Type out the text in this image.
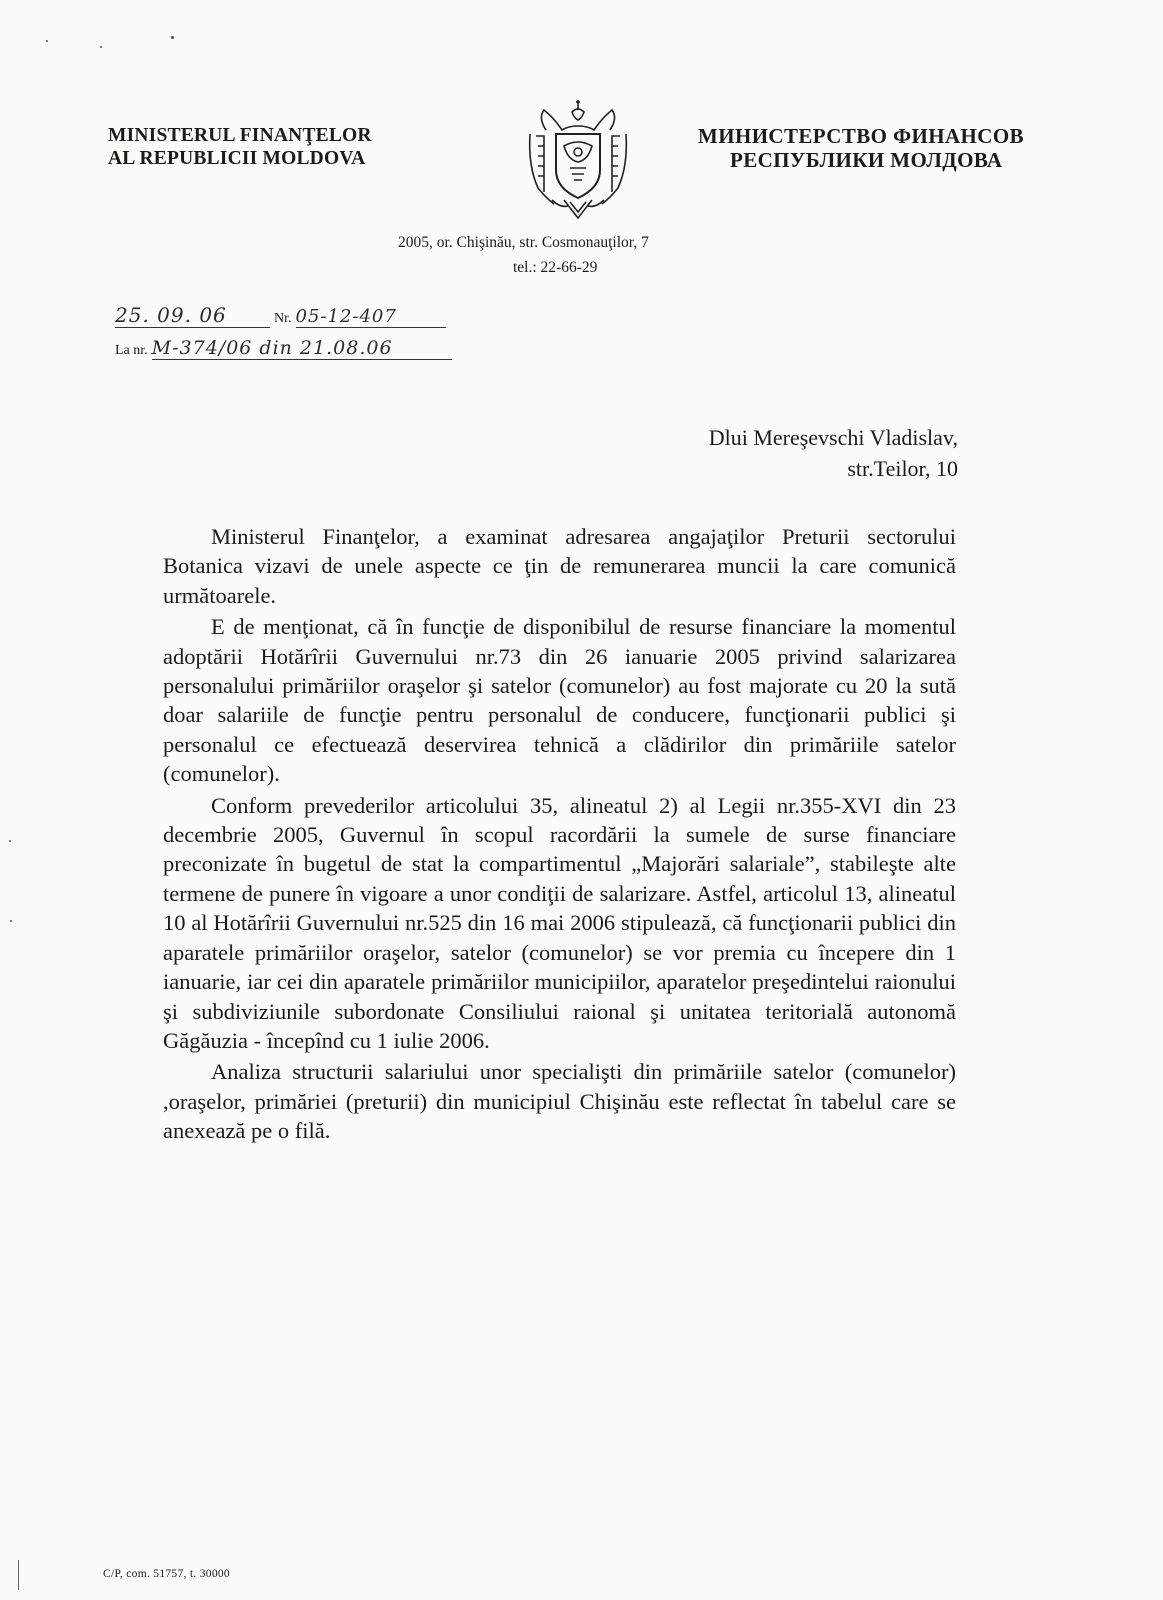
MINISTERUL FINANŢELOR
AL REPUBLICII MOLDOVA
МИНИСТЕРСТВО ФИНАНСОВ
РЕСПУБЛИКИ МОЛДОВА
2005, or. Chişinău, str. Cosmonauţilor, 7
tel.: 22-66-29
25. 09. 06	Nr. 05-12-407
La nr. М-374/06 din 21.08.06
Dlui Mereşevschi Vladislav,
str.Teilor, 10

Ministerul Finanţelor, a examinat adresarea angajaţilor Preturii sectorului Botanica vizavi de unele aspecte ce ţin de remunerarea muncii la care comunică următoarele.

E de menţionat, că în funcţie de disponibilul de resurse financiare la momentul adoptării Hotărîrii Guvernului nr.73 din 26 ianuarie 2005 privind salarizarea personalului primăriilor oraşelor şi satelor (comunelor) au fost majorate cu 20 la sută doar salariile de funcţie pentru personalul de conducere, funcţionarii publici şi personalul ce efectuează deservirea tehnică a clădirilor din primăriile satelor (comunelor).

Conform prevederilor articolului 35, alineatul 2) al Legii nr.355-XVI din 23 decembrie 2005, Guvernul în scopul racordării la sumele de surse financiare preconizate în bugetul de stat la compartimentul „Majorări salariale”, stabileşte alte termene de punere în vigoare a unor condiţii de salarizare. Astfel, articolul 13, alineatul 10 al Hotărîrii Guvernului nr.525 din 16 mai 2006 stipulează, că funcţionarii publici din aparatele primăriilor oraşelor, satelor (comunelor) se vor premia cu începere din 1 ianuarie, iar cei din aparatele primăriilor municipiilor, aparatelor preşedintelui raionului şi subdiviziunile subordonate Consiliului raional şi unitatea teritorială autonomă Găgăuzia - începînd cu 1 iulie 2006.

Analiza structurii salariului unor specialişti din primăriile satelor (comunelor) ,oraşelor, primăriei (preturii) din municipiul Chişinău este reflectat în tabelul care se anexează pe o filă.

C/P, com. 51757, t. 30000
